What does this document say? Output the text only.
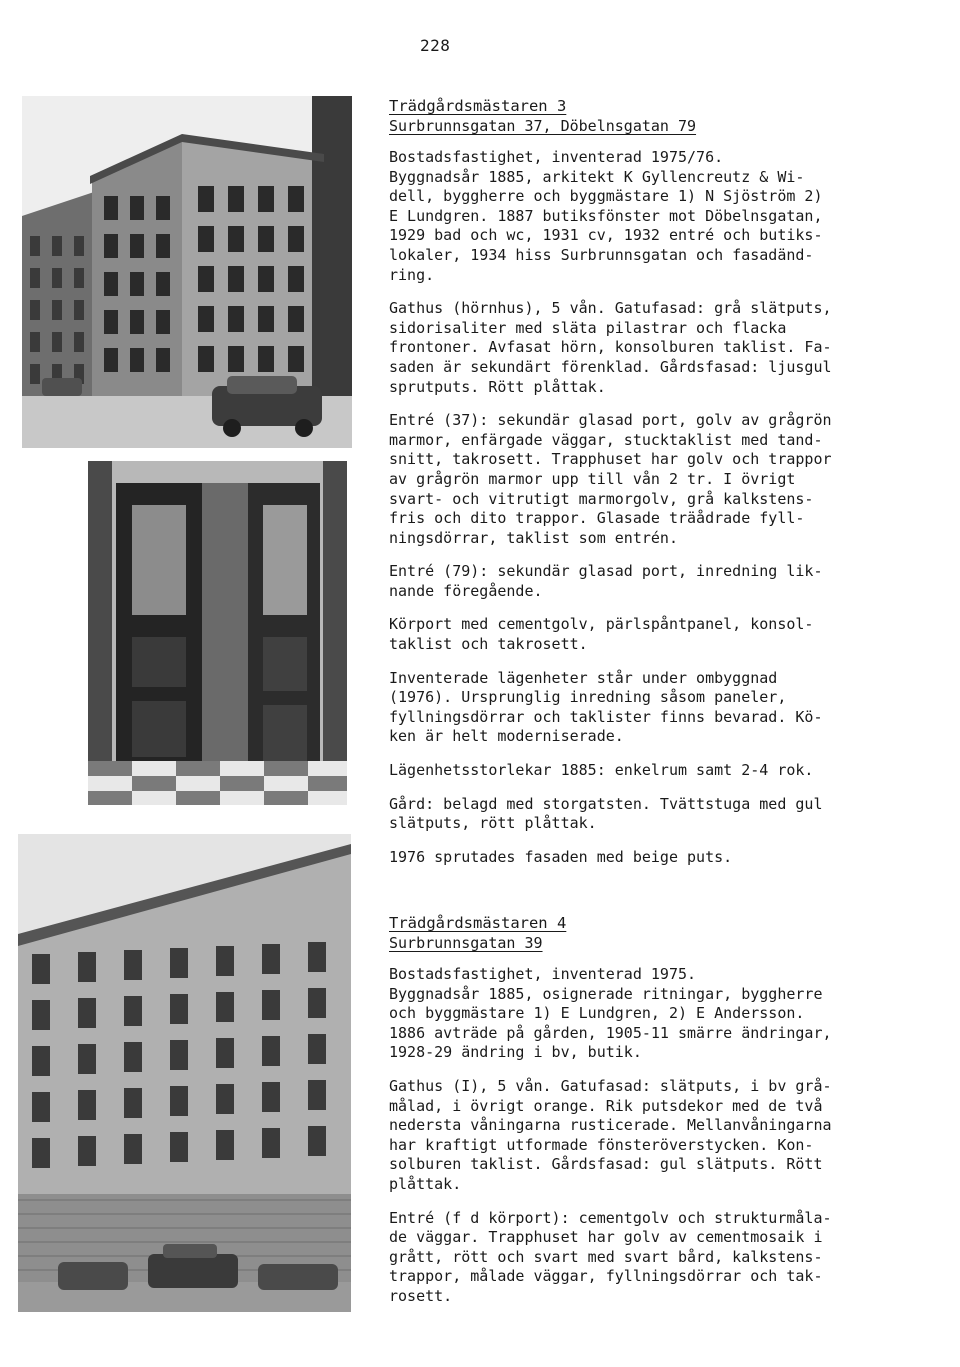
228
Trädgårdsmästaren 3
Surbrunnsgatan 37, Döbelnsgatan 79

Bostadsfastighet, inventerad 1975/76.
Byggnadsår 1885, arkitekt K Gyllencreutz & Wi-
dell, byggherre och byggmästare 1) N Sjöström 2)
E Lundgren. 1887 butiksfönster mot Döbelnsgatan,
1929 bad och wc, 1931 cv, 1932 entré och butiks-
lokaler, 1934 hiss Surbrunnsgatan och fasadänd-
ring.

Gathus (hörnhus), 5 vån. Gatufasad: grå slätputs,
sidorisaliter med släta pilastrar och flacka
frontoner. Avfasat hörn, konsolburen taklist. Fa-
saden är sekundärt förenklad. Gårdsfasad: ljusgul
sprutputs. Rött plåttak.

Entré (37): sekundär glasad port, golv av grågrön
marmor, enfärgade väggar, stucktaklist med tand-
snitt, takrosett. Trapphuset har golv och trappor
av grågrön marmor upp till vån 2 tr. I övrigt
svart- och vitrutigt marmorgolv, grå kalkstens-
fris och dito trappor. Glasade träådrade fyll-
ningsdörrar, taklist som entrén.

Entré (79): sekundär glasad port, inredning lik-
nande föregående.

Körport med cementgolv, pärlspåntpanel, konsol-
taklist och takrosett.

Inventerade lägenheter står under ombyggnad
(1976). Ursprunglig inredning såsom paneler,
fyllningsdörrar och taklister finns bevarad. Kö-
ken är helt moderniserade.

Lägenhetsstorlekar 1885: enkelrum samt 2-4 rok.

Gård: belagd med storgatsten. Tvättstuga med gul
slätputs, rött plåttak.

1976 sprutades fasaden med beige puts.

Trädgårdsmästaren 4
Surbrunnsgatan 39

Bostadsfastighet, inventerad 1975.
Byggnadsår 1885, osignerade ritningar, byggherre
och byggmästare 1) E Lundgren, 2) E Andersson.
1886 avträde på gården, 1905-11 smärre ändringar,
1928-29 ändring i bv, butik.

Gathus (I), 5 vån. Gatufasad: slätputs, i bv grå-
målad, i övrigt orange. Rik putsdekor med de två
nedersta våningarna rusticerade. Mellanvåningarna
har kraftigt utformade fönsteröverstycken. Kon-
solburen taklist. Gårdsfasad: gul slätputs. Rött
plåttak.

Entré (f d körport): cementgolv och strukturmåla-
de väggar. Trapphuset har golv av cementmosaik i
grått, rött och svart med svart bård, kalkstens-
trappor, målade väggar, fyllningsdörrar och tak-
rosett.
